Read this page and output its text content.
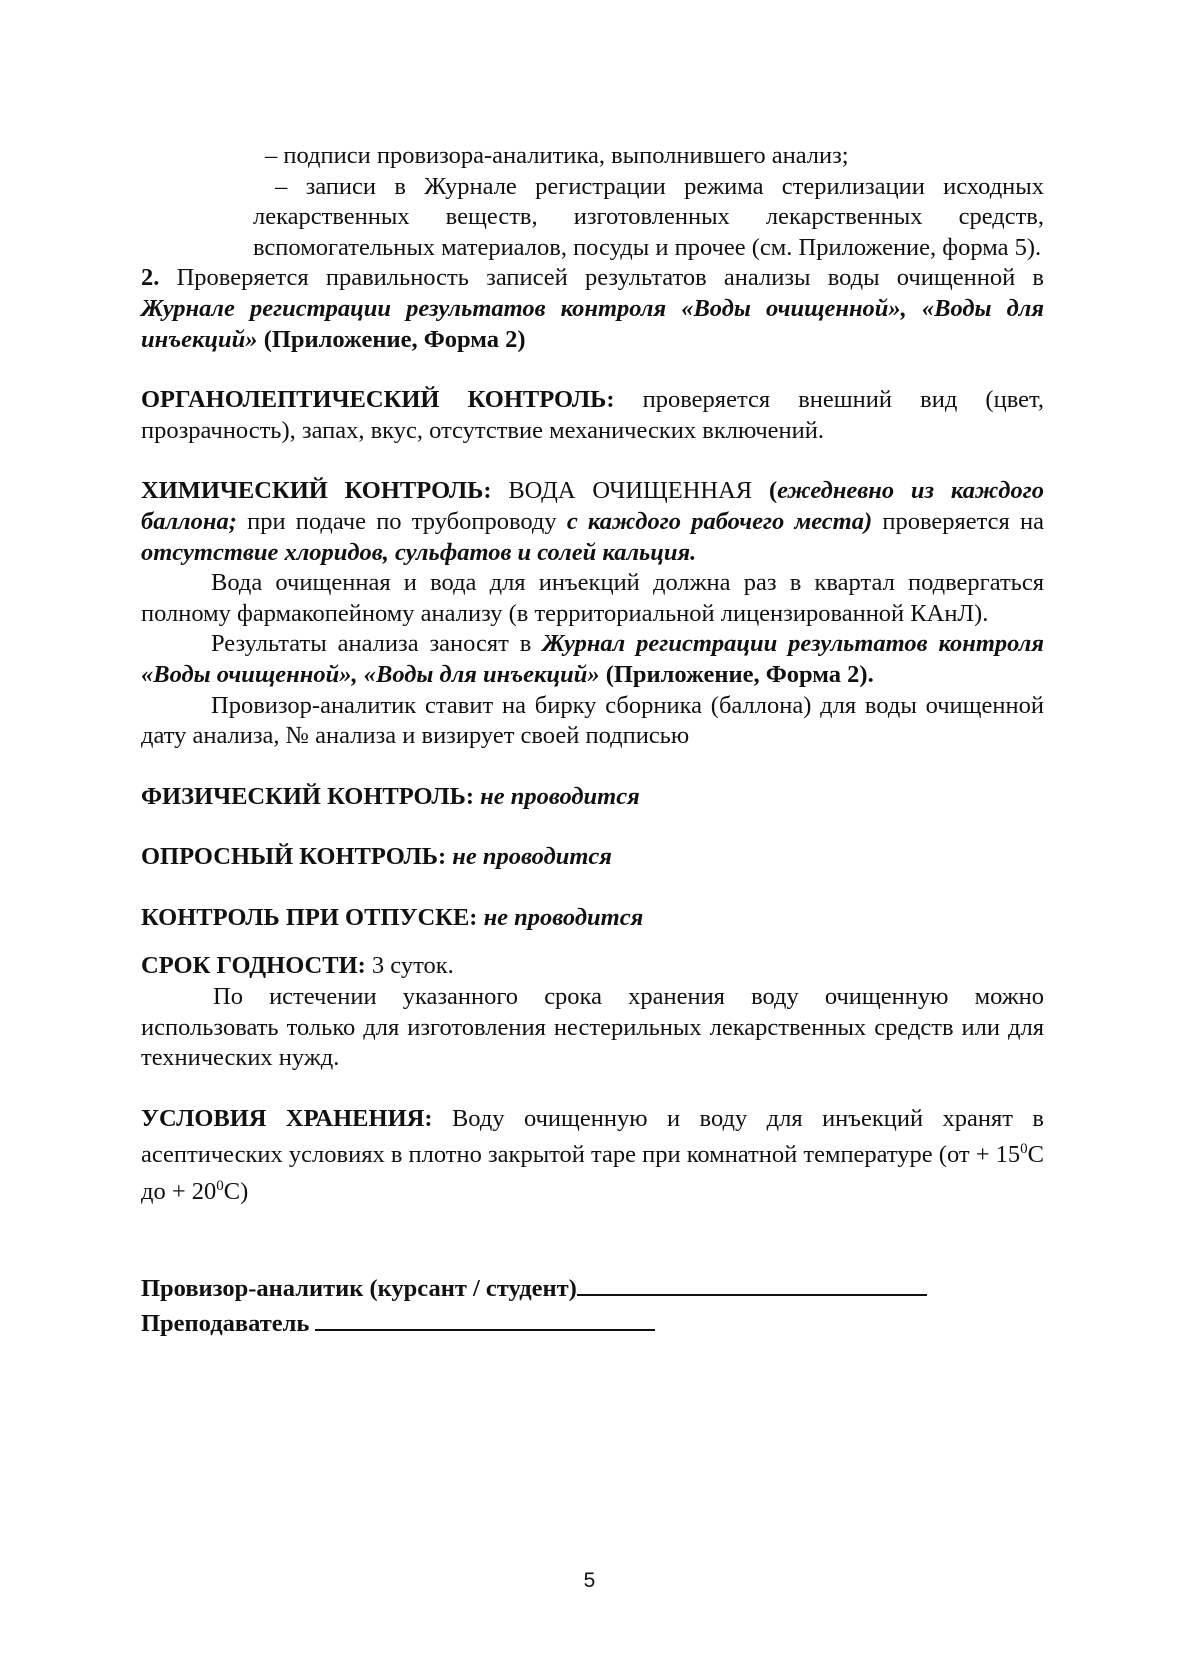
– подписи провизора-аналитика, выполнившего анализ;

– записи в Журнале регистрации режима стерилизации исходных лекарственных веществ, изготовленных лекарственных средств, вспомогательных материалов, посуды и прочее (см. Приложение, форма 5).

2. Проверяется правильность записей результатов анализы воды очищенной в Журнале регистрации результатов контроля «Воды очищенной», «Воды для инъекций» (Приложение, Форма 2)

ОРГАНОЛЕПТИЧЕСКИЙ КОНТРОЛЬ: проверяется внешний вид (цвет, прозрачность), запах, вкус, отсутствие механических включений.

ХИМИЧЕСКИЙ КОНТРОЛЬ: ВОДА ОЧИЩЕННАЯ (ежедневно из каждого баллона; при подаче по трубопроводу с каждого рабочего места) проверяется на отсутствие хлоридов, сульфатов и солей кальция.

Вода очищенная и вода для инъекций должна раз в квартал подвергаться полному фармакопейному анализу (в территориальной лицензированной КАнЛ).

Результаты анализа заносят в Журнал регистрации результатов контроля «Воды очищенной», «Воды для инъекций» (Приложение, Форма 2).

Провизор-аналитик ставит на бирку сборника (баллона) для воды очищенной дату анализа, № анализа и визирует своей подписью

ФИЗИЧЕСКИЙ КОНТРОЛЬ: не проводится

ОПРОСНЫЙ КОНТРОЛЬ: не проводится

КОНТРОЛЬ ПРИ ОТПУСКЕ: не проводится

СРОК ГОДНОСТИ: 3 суток.

По истечении указанного срока хранения воду очищенную можно использовать только для изготовления нестерильных лекарственных средств или для технических нужд.

УСЛОВИЯ ХРАНЕНИЯ: Воду очищенную и воду для инъекций хранят в асептических условиях в плотно закрытой таре при комнатной температуре ($от + 15^0С$ до + $20^0С$)

Провизор-аналитик (курсант / студент)

Преподаватель

5
